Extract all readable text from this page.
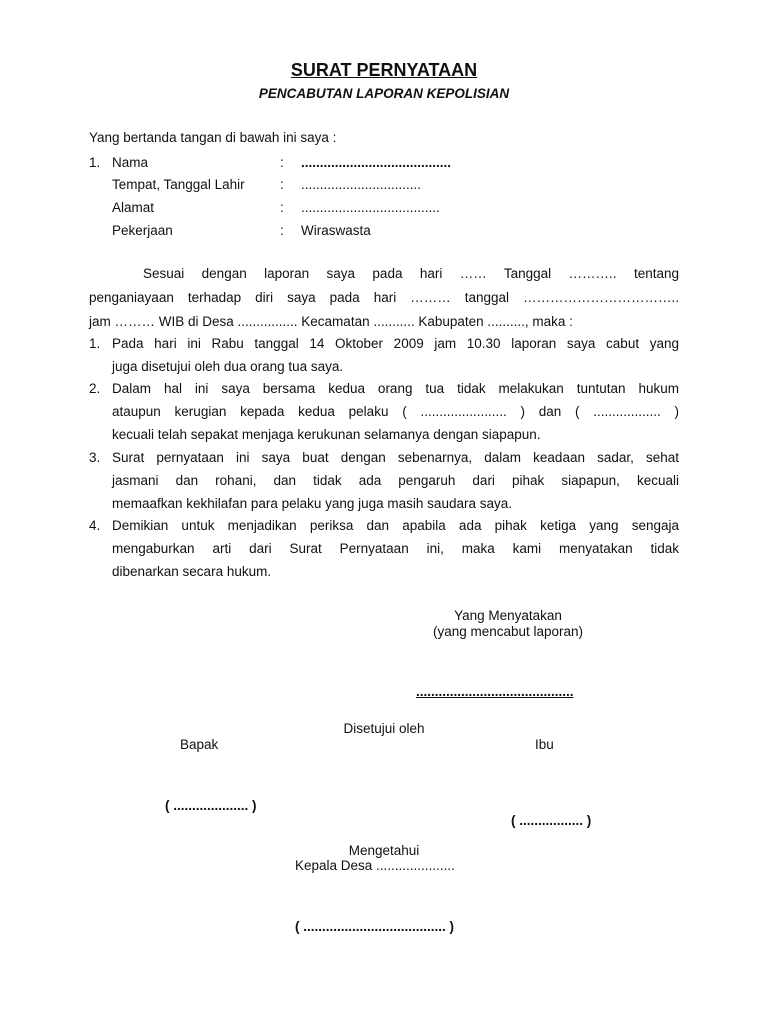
SURAT PERNYATAAN
PENCABUTAN LAPORAN KEPOLISIAN
Yang bertanda tangan di bawah ini saya :
1. Nama	: ........................................
Tempat, Tanggal Lahir	: ................................
Alamat	: .....................................
Pekerjaan	: Wiraswasta
Sesuai dengan laporan saya pada hari …… Tanggal ……….. tentang
penganiayaan terhadap diri saya pada hari ……… tanggal ……………………………..
jam ……… WIB di Desa ................ Kecamatan ........... Kabupaten .........., maka :
1. Pada hari ini Rabu tanggal 14 Oktober 2009 jam 10.30 laporan saya cabut yang
juga disetujui oleh dua orang tua saya.
2. Dalam hal ini saya bersama kedua orang tua tidak melakukan tuntutan hukum
ataupun kerugian kepada kedua pelaku ( ....................... ) dan ( .................. )
kecuali telah sepakat menjaga kerukunan selamanya dengan siapapun.
3. Surat pernyataan ini saya buat dengan sebenarnya, dalam keadaan sadar, sehat
jasmani dan rohani, dan tidak ada pengaruh dari pihak siapapun, kecuali
memaafkan kekhilafan para pelaku yang juga masih saudara saya.
4. Demikian untuk menjadikan periksa dan apabila ada pihak ketiga yang sengaja
mengaburkan arti dari Surat Pernyataan ini, maka kami menyatakan tidak
dibenarkan secara hukum.
Yang Menyatakan
(yang mencabut laporan)
..........................................
Disetujui oleh
Bapak	Ibu
( .................... )
( ................. )
Mengetahui
Kepala Desa .....................
( ...................................... )
